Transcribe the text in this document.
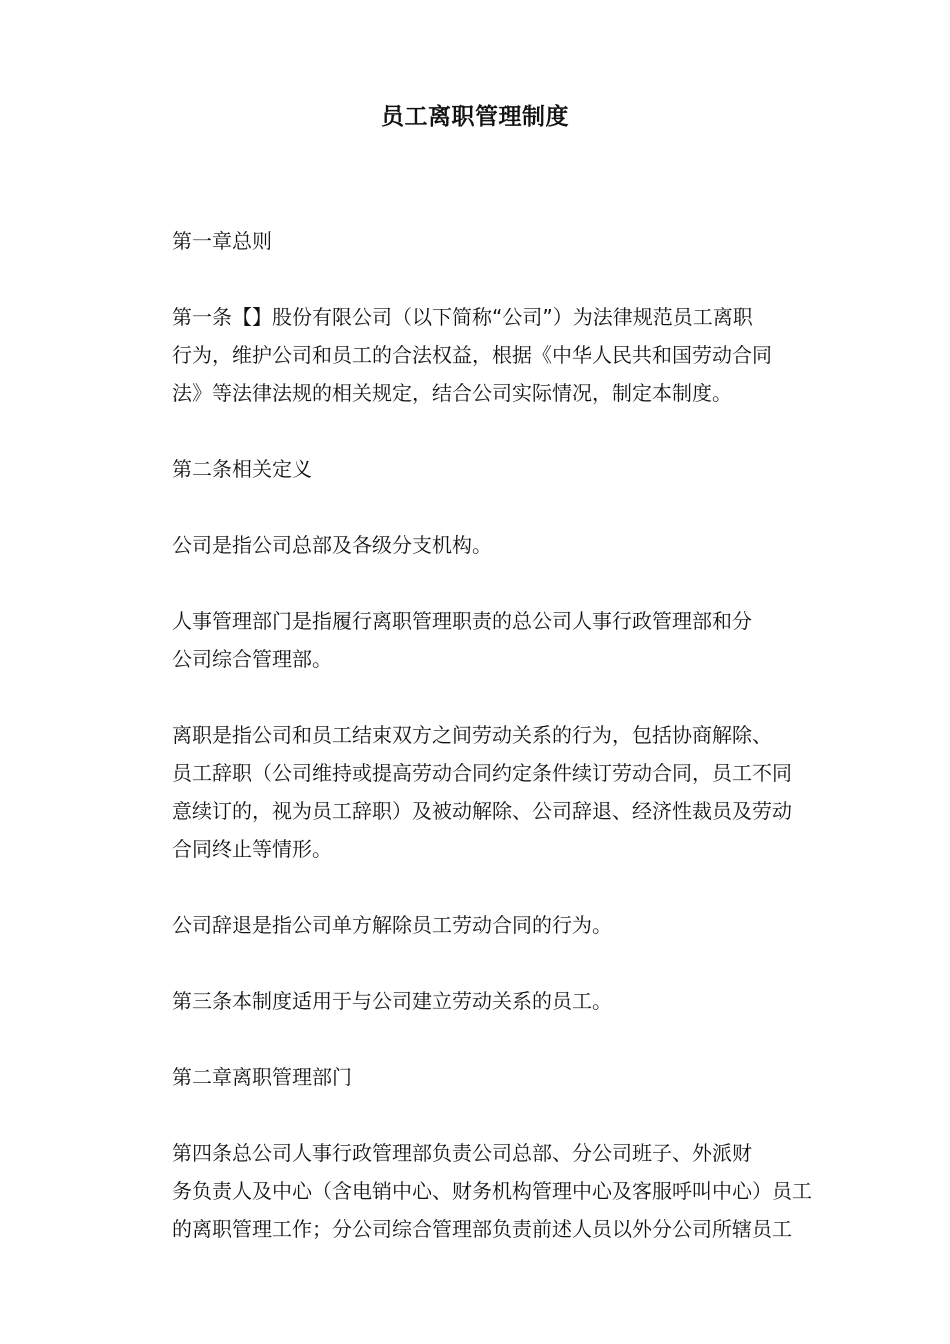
员工离职管理制度

第一章总则

第一条【】股份有限公司（以下简称“公司”）为法律规范员工离职
行为，维护公司和员工的合法权益，根据《中华人民共和国劳动合同
法》等法律法规的相关规定，结合公司实际情况，制定本制度。

第二条相关定义

公司是指公司总部及各级分支机构。

人事管理部门是指履行离职管理职责的总公司人事行政管理部和分
公司综合管理部。

离职是指公司和员工结束双方之间劳动关系的行为，包括协商解除、
员工辞职（公司维持或提高劳动合同约定条件续订劳动合同，员工不同
意续订的，视为员工辞职）及被动解除、公司辞退、经济性裁员及劳动
合同终止等情形。

公司辞退是指公司单方解除员工劳动合同的行为。

第三条本制度适用于与公司建立劳动关系的员工。

第二章离职管理部门

第四条总公司人事行政管理部负责公司总部、分公司班子、外派财
务负责人及中心（含电销中心、财务机构管理中心及客服呼叫中心）员工
的离职管理工作；分公司综合管理部负责前述人员以外分公司所辖员工
